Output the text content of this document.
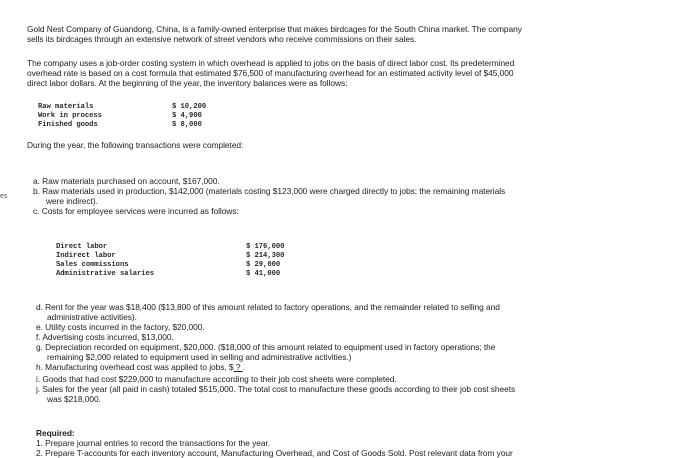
Gold Nest Company of Guandong, China, is a family-owned enterprise that makes birdcages for the South China market. The company
sells its birdcages through an extensive network of street vendors who receive commissions on their sales.
The company uses a job-order costing system in which overhead is applied to jobs on the basis of direct labor cost. Its predetermined
overhead rate is based on a cost formula that estimated $76,500 of manufacturing overhead for an estimated activity level of $45,000
direct labor dollars. At the beginning of the year, the inventory balances were as follows:
Raw materials	$ 10,200
Work in process	$ 4,900
Finished goods	$ 8,000
During the year, the following transactions were completed:
es
a. Raw materials purchased on account, $167,000.
b. Raw materials used in production, $142,000 (materials costing $123,000 were charged directly to jobs; the remaining materials
were indirect).
c. Costs for employee services were incurred as follows:
Direct labor	$ 176,000
Indirect labor	$ 214,300
Sales commissions	$ 29,000
Administrative salaries	$ 41,000
d. Rent for the year was $18,400 ($13,800 of this amount related to factory operations, and the remainder related to selling and
administrative activities).
e. Utility costs incurred in the factory, $20,000.
f. Advertising costs incurred, $13,000.
g. Depreciation recorded on equipment, $20,000. ($18,000 of this amount related to equipment used in factory operations; the
remaining $2,000 related to equipment used in selling and administrative activities.)
h. Manufacturing overhead cost was applied to jobs, $ ? .
i. Goods that had cost $229,000 to manufacture according to their job cost sheets were completed.
j. Sales for the year (all paid in cash) totaled $515,000. The total cost to manufacture these goods according to their job cost sheets
was $218,000.
Required:
1. Prepare journal entries to record the transactions for the year.
2. Prepare T-accounts for each inventory account, Manufacturing Overhead, and Cost of Goods Sold. Post relevant data from your
